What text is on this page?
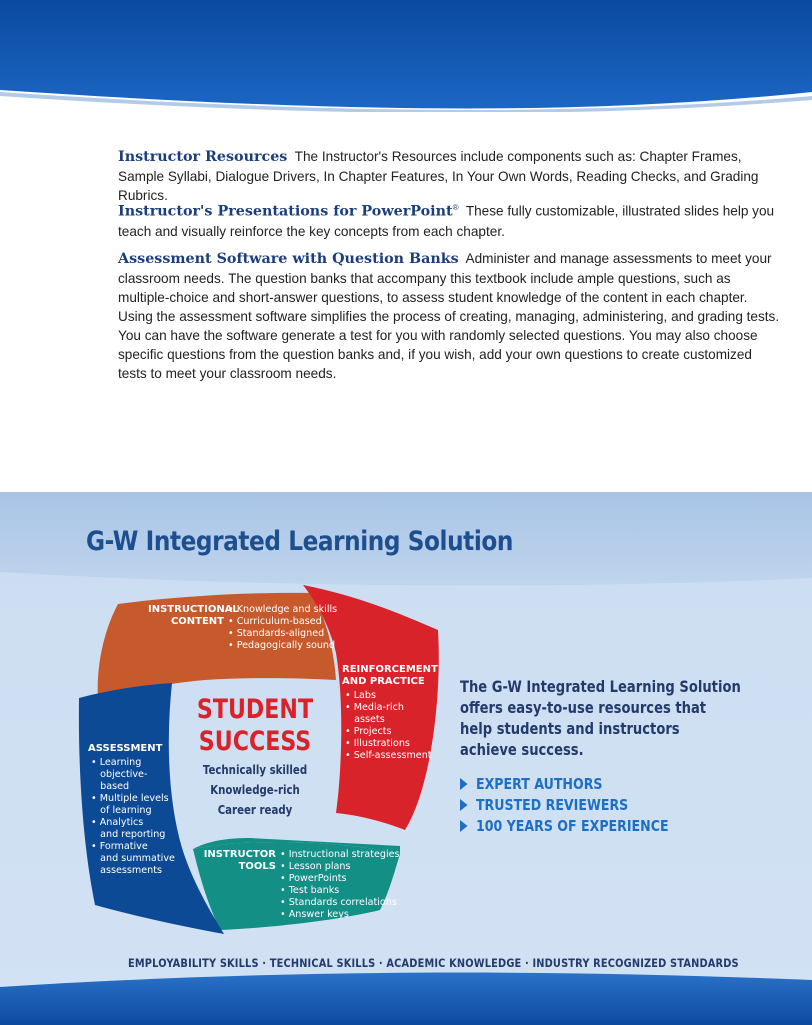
Instructor Resources The Instructor's Resources include components such as: Chapter Frames, Sample Syllabi, Dialogue Drivers, In Chapter Features, In Your Own Words, Reading Checks, and Grading Rubrics.
Instructor's Presentations for PowerPoint® These fully customizable, illustrated slides help you teach and visually reinforce the key concepts from each chapter.
Assessment Software with Question Banks Administer and manage assessments to meet your classroom needs. The question banks that accompany this textbook include ample questions, such as multiple-choice and short-answer questions, to assess student knowledge of the content in each chapter. Using the assessment software simplifies the process of creating, managing, administering, and grading tests. You can have the software generate a test for you with randomly selected questions. You may also choose specific questions from the question banks and, if you wish, add your own questions to create customized tests to meet your classroom needs.
G-W Integrated Learning Solution
INSTRUCTIONAL
CONTENT
• Knowledge and skills
• Curriculum-based
• Standards-aligned
• Pedagogically sound
REINFORCEMENT
AND PRACTICE
• Labs
• Media-rich
assets
• Projects
• Illustrations
• Self-assessment
ASSESSMENT
• Learning
objective-
based
• Multiple levels
of learning
• Analytics
and reporting
• Formative
and summative
assessments
INSTRUCTOR
TOOLS
• Instructional strategies
• Lesson plans
• PowerPoints
• Test banks
• Standards correlations
• Answer keys
STUDENT
SUCCESS
Technically skilled
Knowledge-rich
Career ready
The G-W Integrated Learning Solution
offers easy-to-use resources that
help students and instructors
achieve success.
EXPERT AUTHORS
TRUSTED REVIEWERS
100 YEARS OF EXPERIENCE
EMPLOYABILITY SKILLS · TECHNICAL SKILLS · ACADEMIC KNOWLEDGE · INDUSTRY RECOGNIZED STANDARDS
